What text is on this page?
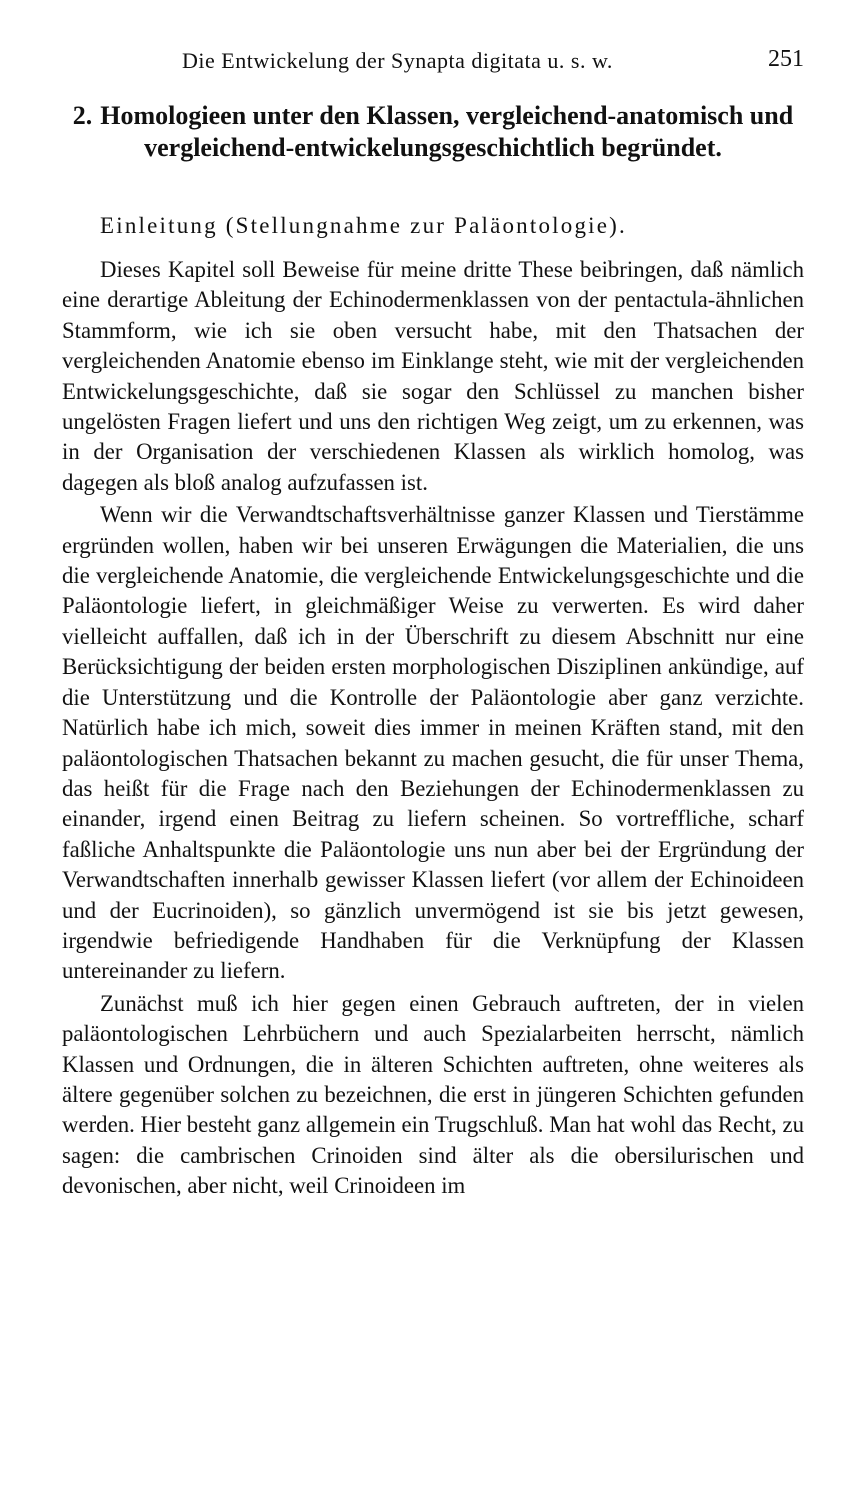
Die Entwickelung der Synapta digitata u. s. w.	251
2. Homologieen unter den Klassen, vergleichend-anatomisch und vergleichend-entwickelungsgeschichtlich begründet.
Einleitung (Stellungnahme zur Paläontologie).

Dieses Kapitel soll Beweise für meine dritte These beibringen, daß nämlich eine derartige Ableitung der Echinodermenklassen von der pentactula-ähnlichen Stammform, wie ich sie oben versucht habe, mit den Thatsachen der vergleichenden Anatomie ebenso im Einklange steht, wie mit der vergleichenden Entwickelungsgeschichte, daß sie sogar den Schlüssel zu manchen bisher ungelösten Fragen liefert und uns den richtigen Weg zeigt, um zu erkennen, was in der Organisation der verschiedenen Klassen als wirklich homolog, was dagegen als bloß analog aufzufassen ist.

Wenn wir die Verwandtschaftsverhältnisse ganzer Klassen und Tierstämme ergründen wollen, haben wir bei unseren Erwägungen die Materialien, die uns die vergleichende Anatomie, die vergleichende Entwickelungsgeschichte und die Paläontologie liefert, in gleichmäßiger Weise zu verwerten. Es wird daher vielleicht auffallen, daß ich in der Überschrift zu diesem Abschnitt nur eine Berücksichtigung der beiden ersten morphologischen Disziplinen ankündige, auf die Unterstützung und die Kontrolle der Paläontologie aber ganz verzichte. Natürlich habe ich mich, soweit dies immer in meinen Kräften stand, mit den paläontologischen Thatsachen bekannt zu machen gesucht, die für unser Thema, das heißt für die Frage nach den Beziehungen der Echinodermenklassen zu einander, irgend einen Beitrag zu liefern scheinen. So vortreffliche, scharf faßliche Anhaltspunkte die Paläontologie uns nun aber bei der Ergründung der Verwandtschaften innerhalb gewisser Klassen liefert (vor allem der Echinoideen und der Eucrinoiden), so gänzlich unvermögend ist sie bis jetzt gewesen, irgendwie befriedigende Handhaben für die Verknüpfung der Klassen untereinander zu liefern.

Zunächst muß ich hier gegen einen Gebrauch auftreten, der in vielen paläontologischen Lehrbüchern und auch Spezialarbeiten herrscht, nämlich Klassen und Ordnungen, die in älteren Schichten auftreten, ohne weiteres als ältere gegenüber solchen zu bezeichnen, die erst in jüngeren Schichten gefunden werden. Hier besteht ganz allgemein ein Trugschluß. Man hat wohl das Recht, zu sagen: die cambrischen Crinoiden sind älter als die obersilurischen und devonischen, aber nicht, weil Crinoideen im
